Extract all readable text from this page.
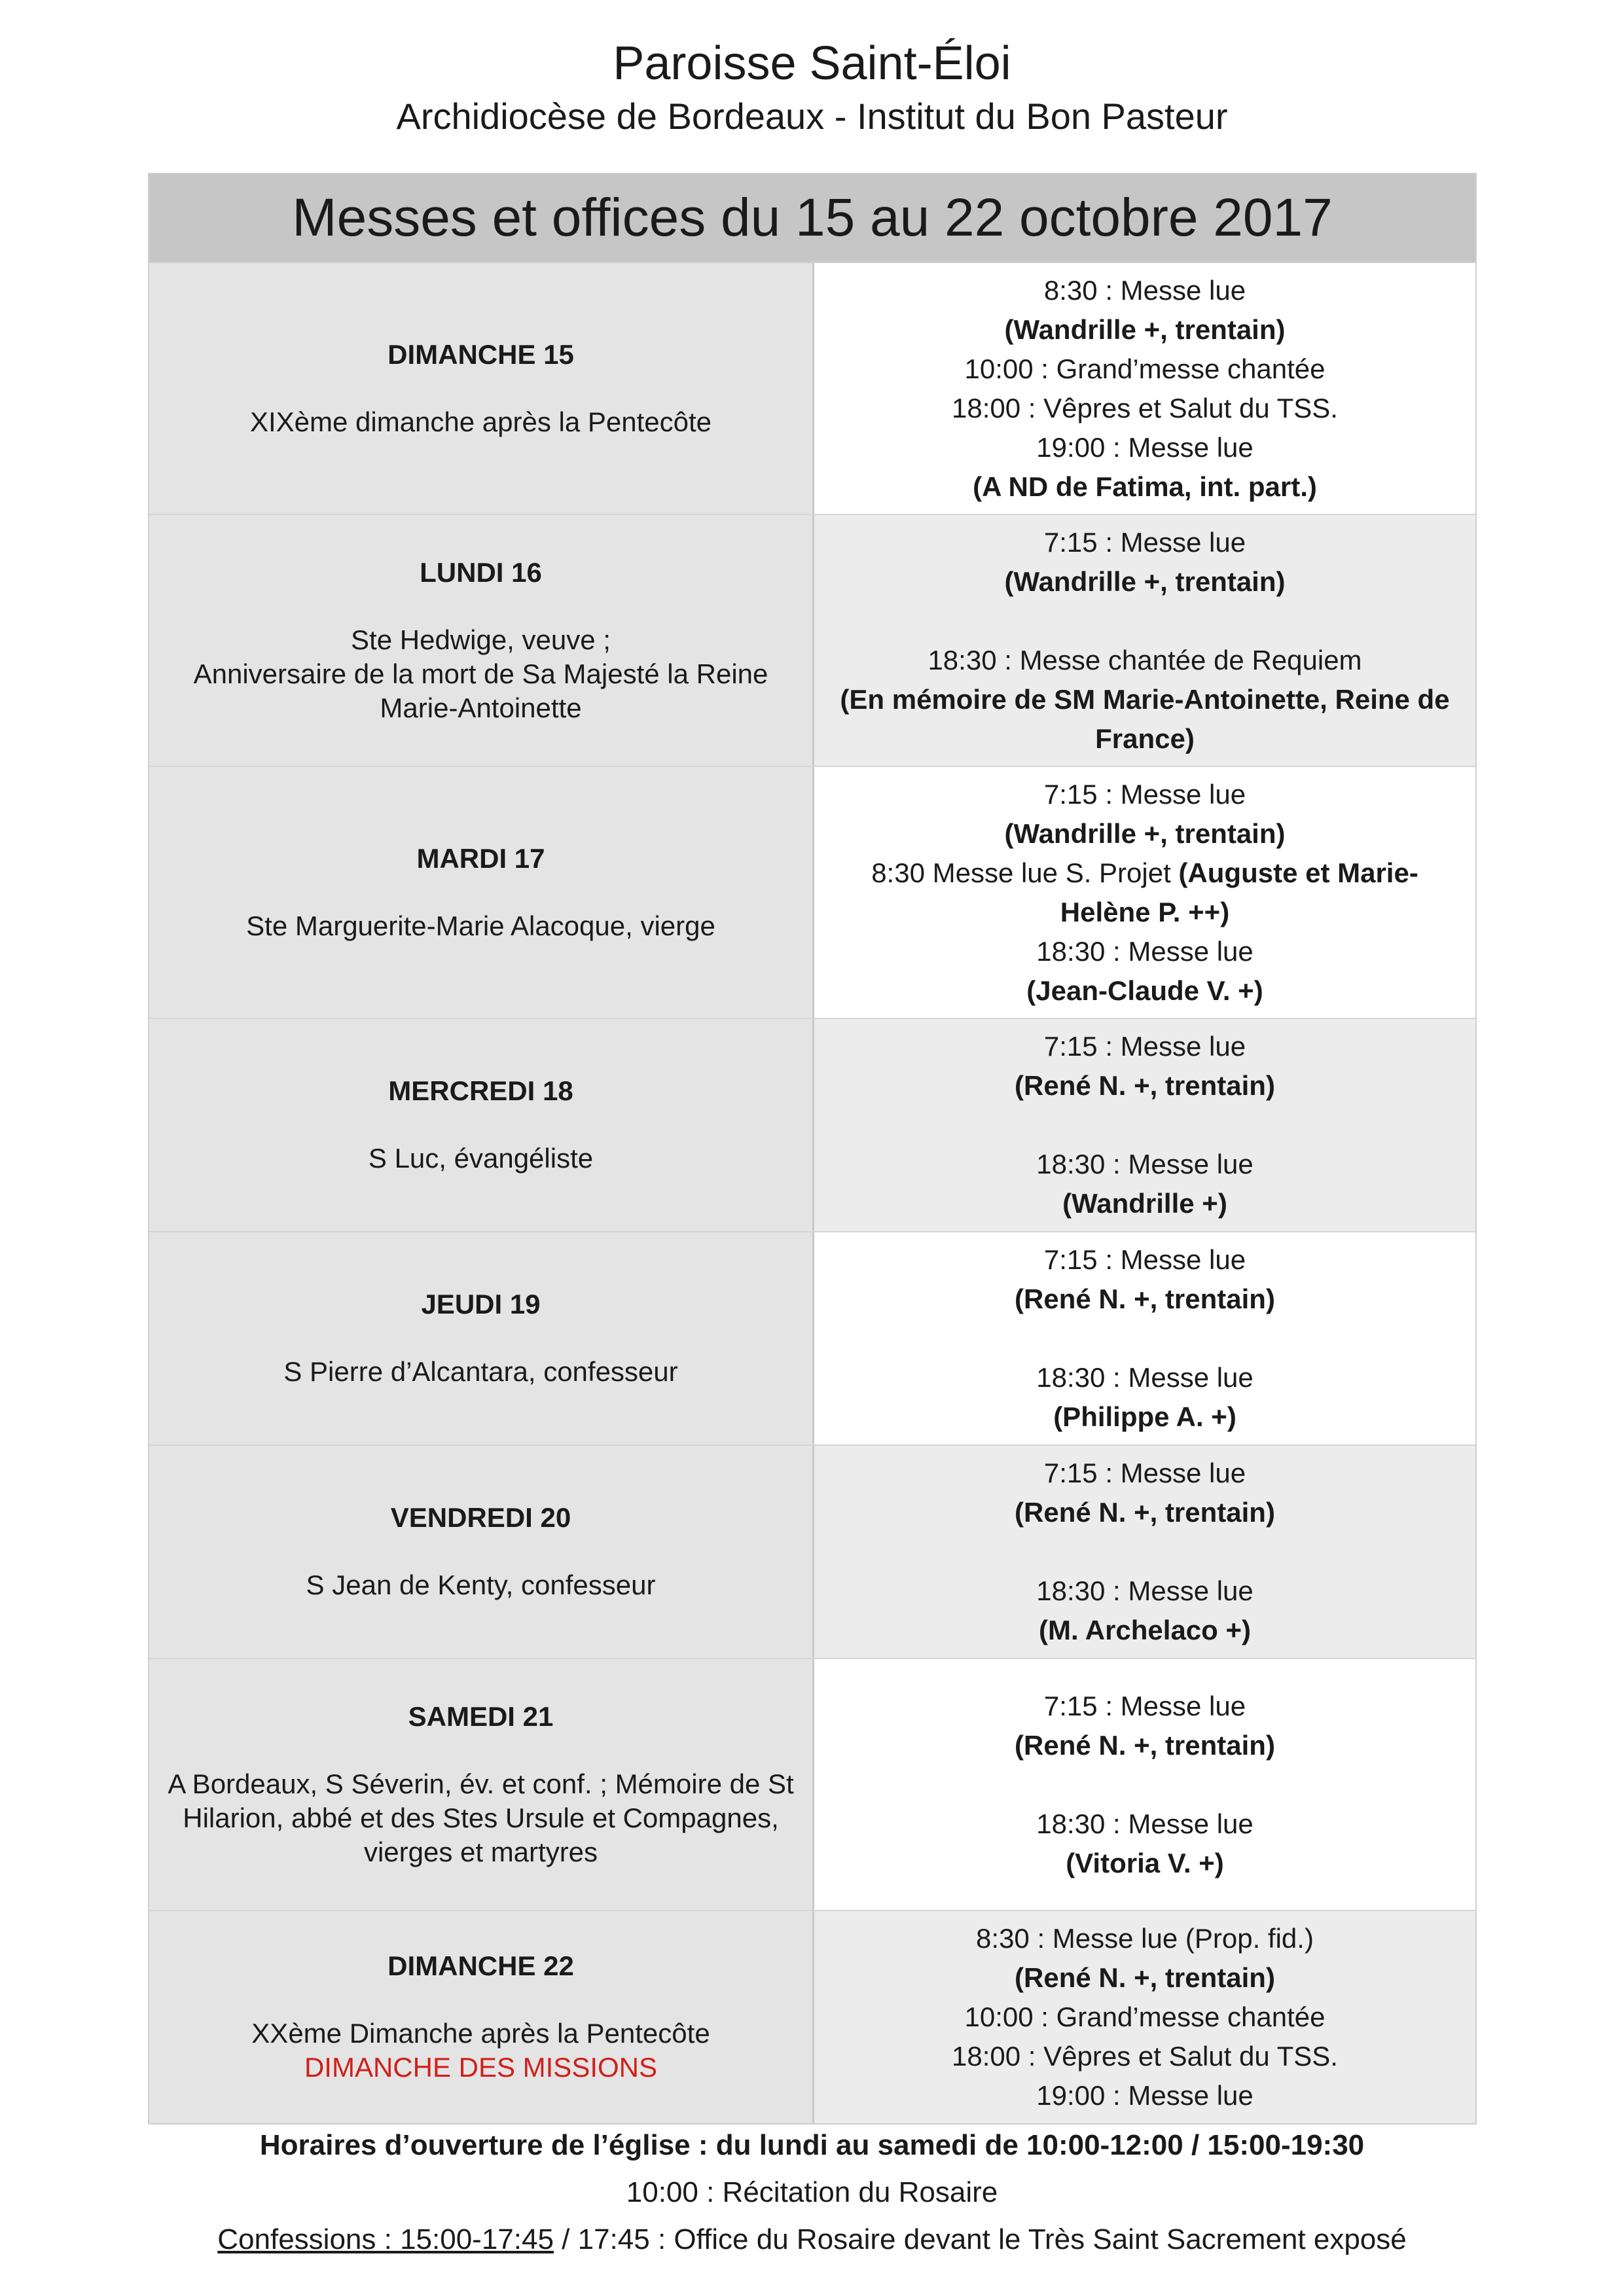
Paroisse Saint-Éloi
Archidiocèse de Bordeaux - Institut du Bon Pasteur
Messes et offices du 15 au 22 octobre 2017
DIMANCHE 15
XIXème dimanche après la Pentecôte
8:30 : Messe lue
(Wandrille +, trentain)
10:00 : Grand’messe chantée
18:00 : Vêpres et Salut du TSS.
19:00 : Messe lue
(A ND de Fatima, int. part.)
LUNDI 16
Ste Hedwige, veuve ;
Anniversaire de la mort de Sa Majesté la Reine
Marie-Antoinette
7:15 : Messe lue
(Wandrille +, trentain)
18:30 : Messe chantée de Requiem
(En mémoire de SM Marie-Antoinette, Reine de
France)
MARDI 17
Ste Marguerite-Marie Alacoque, vierge
7:15 : Messe lue
(Wandrille +, trentain)
8:30 Messe lue S. Projet (Auguste et Marie-
Helène P. ++)
18:30 : Messe lue
(Jean-Claude V. +)
MERCREDI 18
S Luc, évangéliste
7:15 : Messe lue
(René N. +, trentain)
18:30 : Messe lue
(Wandrille +)
JEUDI 19
S Pierre d’Alcantara, confesseur
7:15 : Messe lue
(René N. +, trentain)
18:30 : Messe lue
(Philippe A. +)
VENDREDI 20
S Jean de Kenty, confesseur
7:15 : Messe lue
(René N. +, trentain)
18:30 : Messe lue
(M. Archelaco +)
SAMEDI 21
A Bordeaux, S Séverin, év. et conf. ; Mémoire de St
Hilarion, abbé et des Stes Ursule et Compagnes,
vierges et martyres
7:15 : Messe lue
(René N. +, trentain)
18:30 : Messe lue
(Vitoria V. +)
DIMANCHE 22
XXème Dimanche après la Pentecôte
DIMANCHE DES MISSIONS
8:30 : Messe lue (Prop. fid.)
(René N. +, trentain)
10:00 : Grand’messe chantée
18:00 : Vêpres et Salut du TSS.
19:00 : Messe lue
Horaires d’ouverture de l’église : du lundi au samedi de 10:00-12:00 / 15:00-19:30
10:00 : Récitation du Rosaire
Confessions : 15:00-17:45 / 17:45 : Office du Rosaire devant le Très Saint Sacrement exposé
